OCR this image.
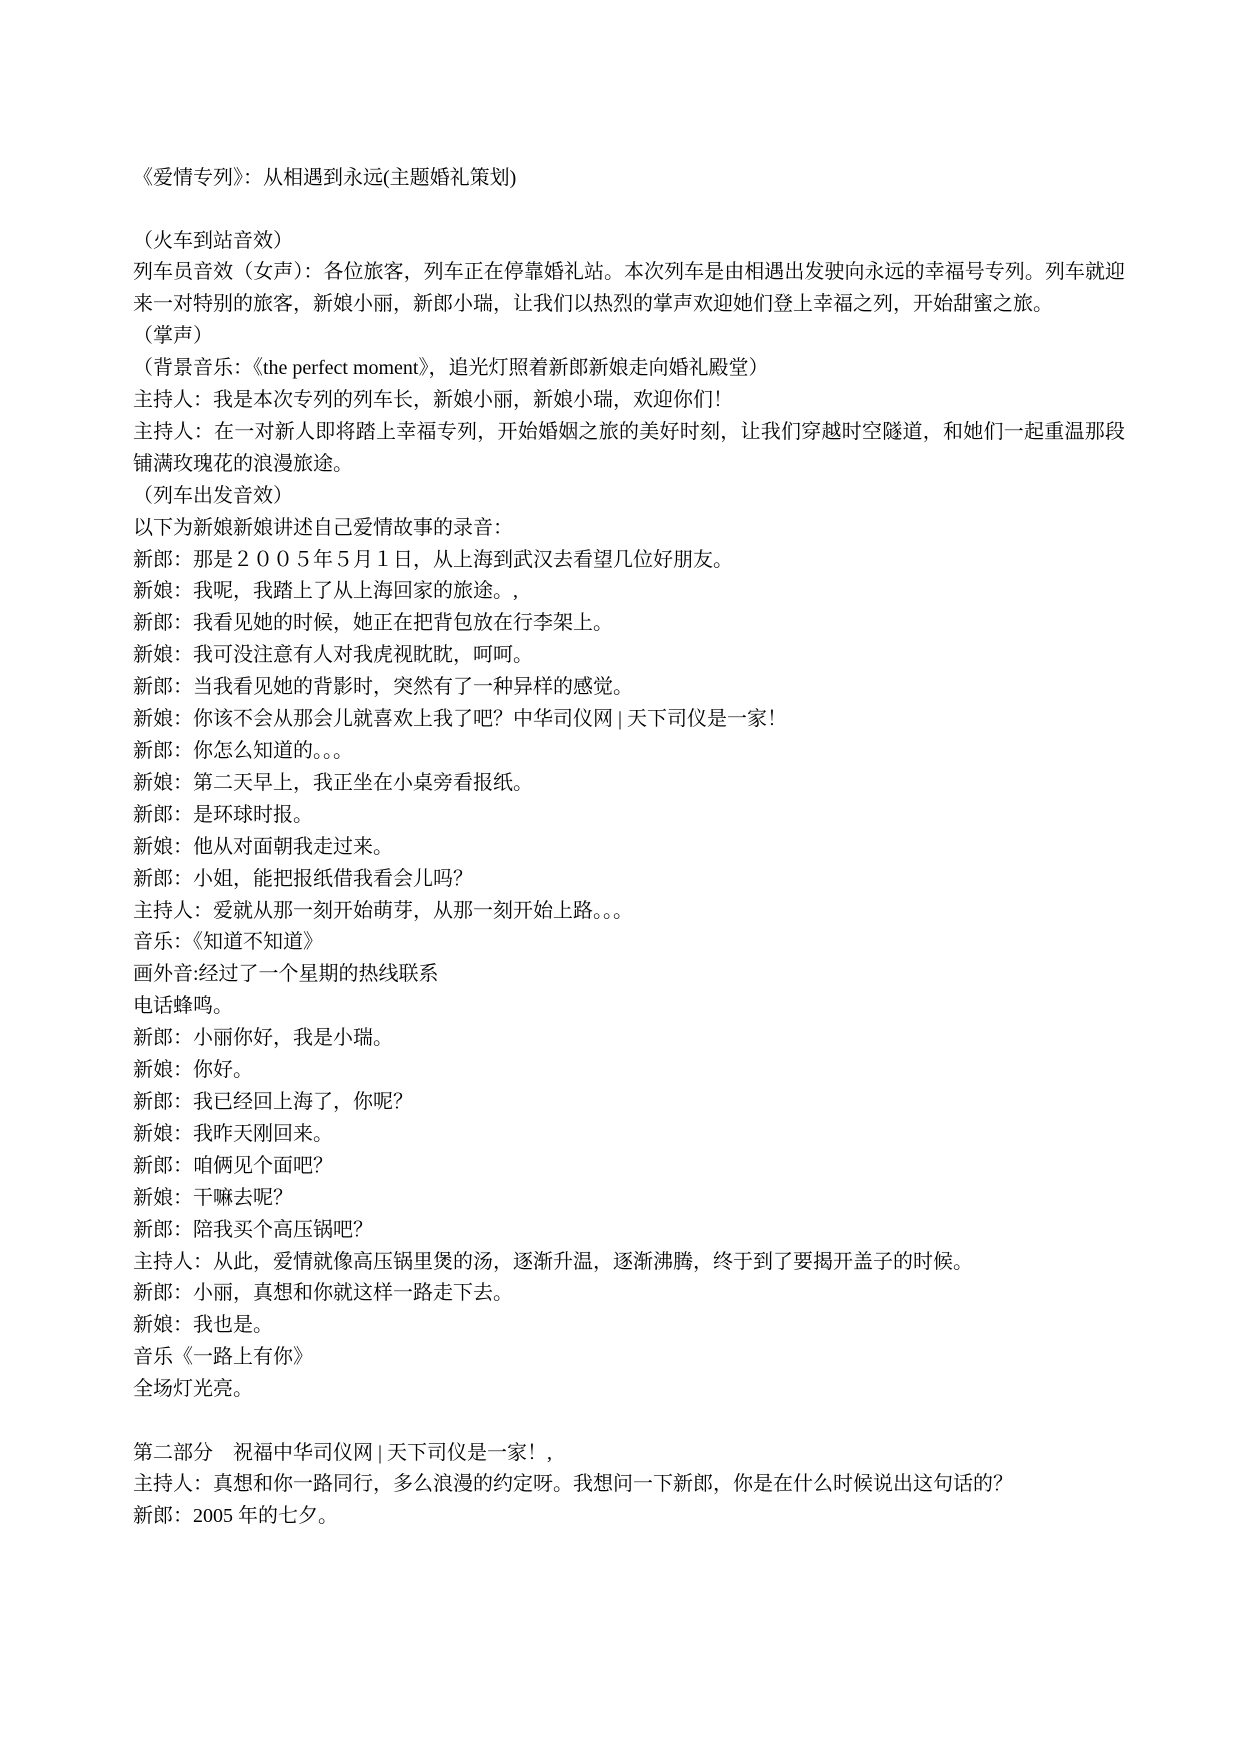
《爱情专列》：从相遇到永远(主题婚礼策划)
（火车到站音效）
列车员音效（女声）：各位旅客，列车正在停靠婚礼站。本次列车是由相遇出发驶向永远的幸福号专列。列车就迎来一对特别的旅客，新娘小丽，新郎小瑞，让我们以热烈的掌声欢迎她们登上幸福之列，开始甜蜜之旅。
（掌声）
（背景音乐：《the perfect moment》，追光灯照着新郎新娘走向婚礼殿堂）
主持人：我是本次专列的列车长，新娘小丽，新娘小瑞，欢迎你们！
主持人：在一对新人即将踏上幸福专列，开始婚姻之旅的美好时刻，让我们穿越时空隧道，和她们一起重温那段铺满玫瑰花的浪漫旅途。
（列车出发音效）
以下为新娘新娘讲述自己爱情故事的录音：
新郎：那是２００５年５月１日，从上海到武汉去看望几位好朋友。
新娘：我呢，我踏上了从上海回家的旅途。,
新郎：我看见她的时候，她正在把背包放在行李架上。
新娘：我可没注意有人对我虎视眈眈，呵呵。
新郎：当我看见她的背影时，突然有了一种异样的感觉。
新娘：你该不会从那会儿就喜欢上我了吧？中华司仪网 | 天下司仪是一家！
新郎：你怎么知道的。。。
新娘：第二天早上，我正坐在小桌旁看报纸。
新郎：是环球时报。
新娘：他从对面朝我走过来。
新郎：小姐，能把报纸借我看会儿吗？
主持人：爱就从那一刻开始萌芽，从那一刻开始上路。。。
音乐：《知道不知道》
画外音:经过了一个星期的热线联系
电话蜂鸣。
新郎：小丽你好，我是小瑞。
新娘：你好。
新郎：我已经回上海了，你呢？
新娘：我昨天刚回来。
新郎：咱俩见个面吧？
新娘：干嘛去呢？
新郎：陪我买个高压锅吧？
主持人：从此，爱情就像高压锅里煲的汤，逐渐升温，逐渐沸腾，终于到了要揭开盖子的时候。
新郎：小丽，真想和你就这样一路走下去。
新娘：我也是。
音乐《一路上有你》
全场灯光亮。
第二部分　祝福中华司仪网 | 天下司仪是一家！,
主持人：真想和你一路同行，多么浪漫的约定呀。我想问一下新郎，你是在什么时候说出这句话的？
新郎：2005 年的七夕。
